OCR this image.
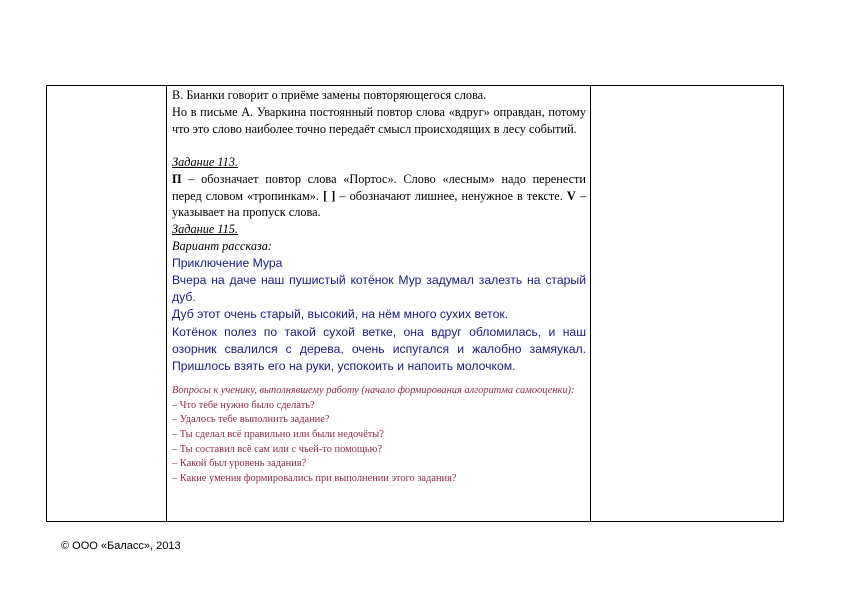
В. Бианки говорит о приёме замены повторяющегося слова.

Но в письме А. Уваркина постоянный повтор слова «вдруг» оправдан, потому что это слово наиболее точно передаёт смысл происходящих в лесу событий.

Задание 113.

П – обозначает повтор слова «Портос». Слово «лесным» надо перенести перед словом «тропинкам». [ ] – обозначают лишнее, ненужное в тексте. V – указывает на пропуск слова.

Задание 115.

Вариант рассказа:

Приключение Мура

Вчера на даче наш пушистый котёнок Мур задумал залезть на старый дуб.

Дуб этот очень старый, высокий, на нём много сухих веток.

Котёнок полез по такой сухой ветке, она вдруг обломилась, и наш озорник свалился с дерева, очень испугался и жалобно замяукал. Пришлось взять его на руки, успокоить и напоить молочком.

Вопросы к ученику, выполнявшему работу (начало формирования алгоритма самооценки):

– Что тебе нужно было сделать?

– Удалось тебе выполнить задание?

– Ты сделал всё правильно или были недочёты?

– Ты составил всё сам или с чьей-то помощью?

– Какой был уровень задания?

– Какие умения формировались при выполнении этого задания?

© ООО «Баласс», 2013
